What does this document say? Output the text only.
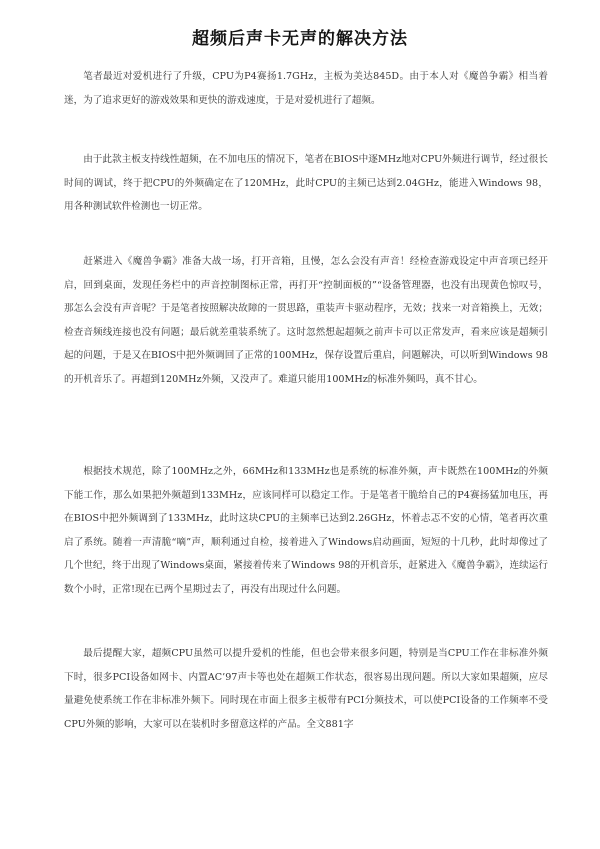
超频后声卡无声的解决方法

笔者最近对爱机进行了升级，CPU为P4赛扬1.7GHz，主板为美达845D。由于本人对《魔兽争霸》相当着迷，为了追求更好的游戏效果和更快的游戏速度，于是对爱机进行了超频。

由于此款主板支持线性超频，在不加电压的情况下，笔者在BIOS中逐MHz地对CPU外频进行调节，经过很长时间的调试，终于把CPU的外频确定在了120MHz，此时CPU的主频已达到2.04GHz，能进入Windows 98，用各种测试软件检测也一切正常。

赶紧进入《魔兽争霸》准备大战一场，打开音箱，且慢，怎么会没有声音！经检查游戏设定中声音项已经开启，回到桌面，发现任务栏中的声音控制图标正常，再打开“控制面板的”“设备管理器，也没有出现黄色惊叹号，那怎么会没有声音呢？于是笔者按照解决故障的一贯思路，重装声卡驱动程序，无效；找来一对音箱换上，无效；检查音频线连接也没有问题；最后就差重装系统了。这时忽然想起超频之前声卡可以正常发声，看来应该是超频引起的问题，于是又在BIOS中把外频调回了正常的100MHz，保存设置后重启，问题解决，可以听到Windows 98的开机音乐了。再超到120MHz外频，又没声了。难道只能用100MHz的标准外频吗，真不甘心。

根据技术规范，除了100MHz之外，66MHz和133MHz也是系统的标准外频，声卡既然在100MHz的外频下能工作，那么如果把外频超到133MHz，应该同样可以稳定工作。于是笔者干脆给自己的P4赛扬猛加电压，再在BIOS中把外频调到了133MHz，此时这块CPU的主频率已达到2.26GHz，怀着忐忑不安的心情，笔者再次重启了系统。随着一声清脆“嘀”声，顺利通过自检，接着进入了Windows启动画面，短短的十几秒，此时却像过了几个世纪，终于出现了Windows桌面，紧接着传来了Windows 98的开机音乐，赶紧进入《魔兽争霸》，连续运行数个小时，正常!现在已两个星期过去了，再没有出现过什么问题。

最后提醒大家，超频CPU虽然可以提升爱机的性能，但也会带来很多问题，特别是当CPU工作在非标准外频下时，很多PCI设备如网卡、内置AC’97声卡等也处在超频工作状态，很容易出现问题。所以大家如果超频，应尽量避免使系统工作在非标准外频下。同时现在市面上很多主板带有PCI分频技术，可以使PCI设备的工作频率不受CPU外频的影响，大家可以在装机时多留意这样的产品。全文881字
